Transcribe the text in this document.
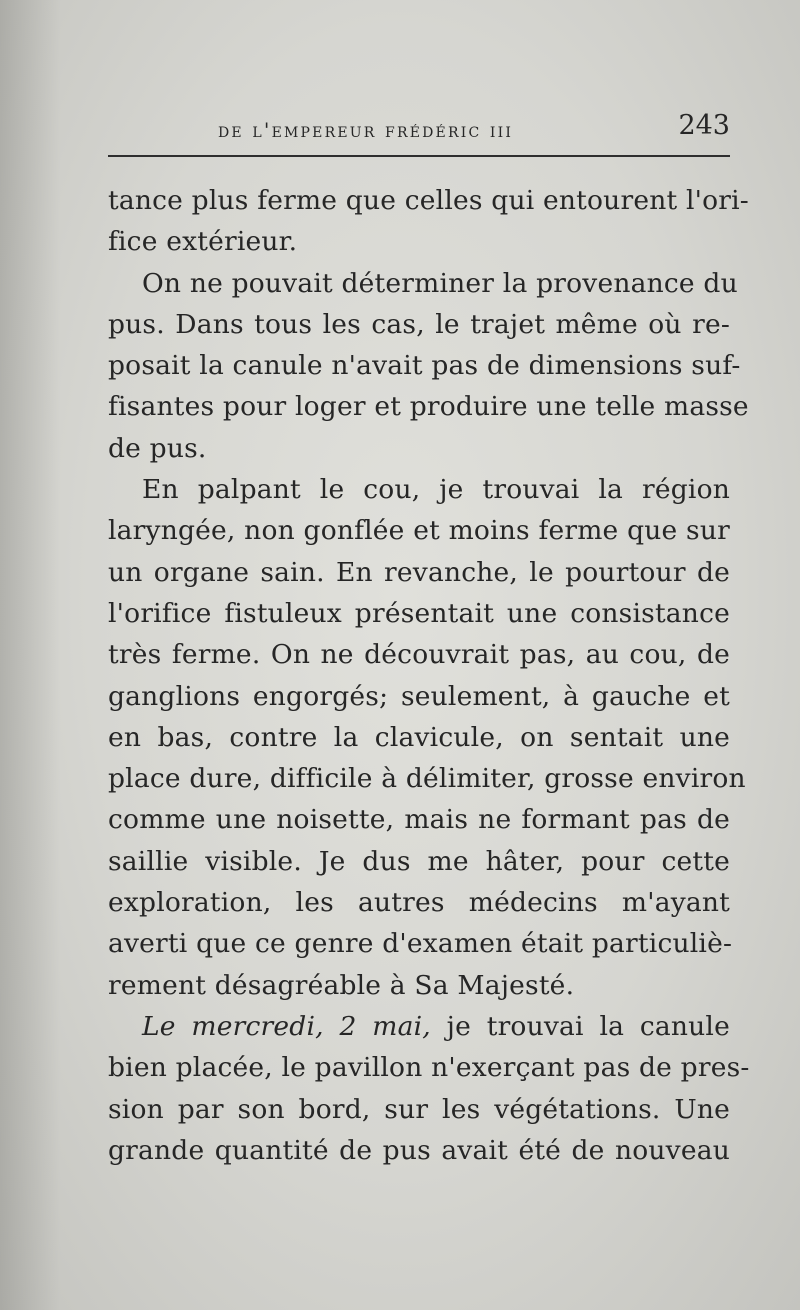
de l'empereur frédéric iii	243
tance plus ferme que celles qui entourent l'ori-
fice extérieur.
On ne pouvait déterminer la provenance du
pus. Dans tous les cas, le trajet même où re-
posait la canule n'avait pas de dimensions suf-
fisantes pour loger et produire une telle masse
de pus.
En palpant le cou, je trouvai la région
laryngée, non gonflée et moins ferme que sur
un organe sain. En revanche, le pourtour de
l'orifice fistuleux présentait une consistance
très ferme. On ne découvrait pas, au cou, de
ganglions engorgés; seulement, à gauche et
en bas, contre la clavicule, on sentait une
place dure, difficile à délimiter, grosse environ
comme une noisette, mais ne formant pas de
saillie visible. Je dus me hâter, pour cette
exploration, les autres médecins m'ayant
averti que ce genre d'examen était particuliè-
rement désagréable à Sa Majesté.
Le mercredi, 2 mai, je trouvai la canule
bien placée, le pavillon n'exerçant pas de pres-
sion par son bord, sur les végétations. Une
grande quantité de pus avait été de nouveau
